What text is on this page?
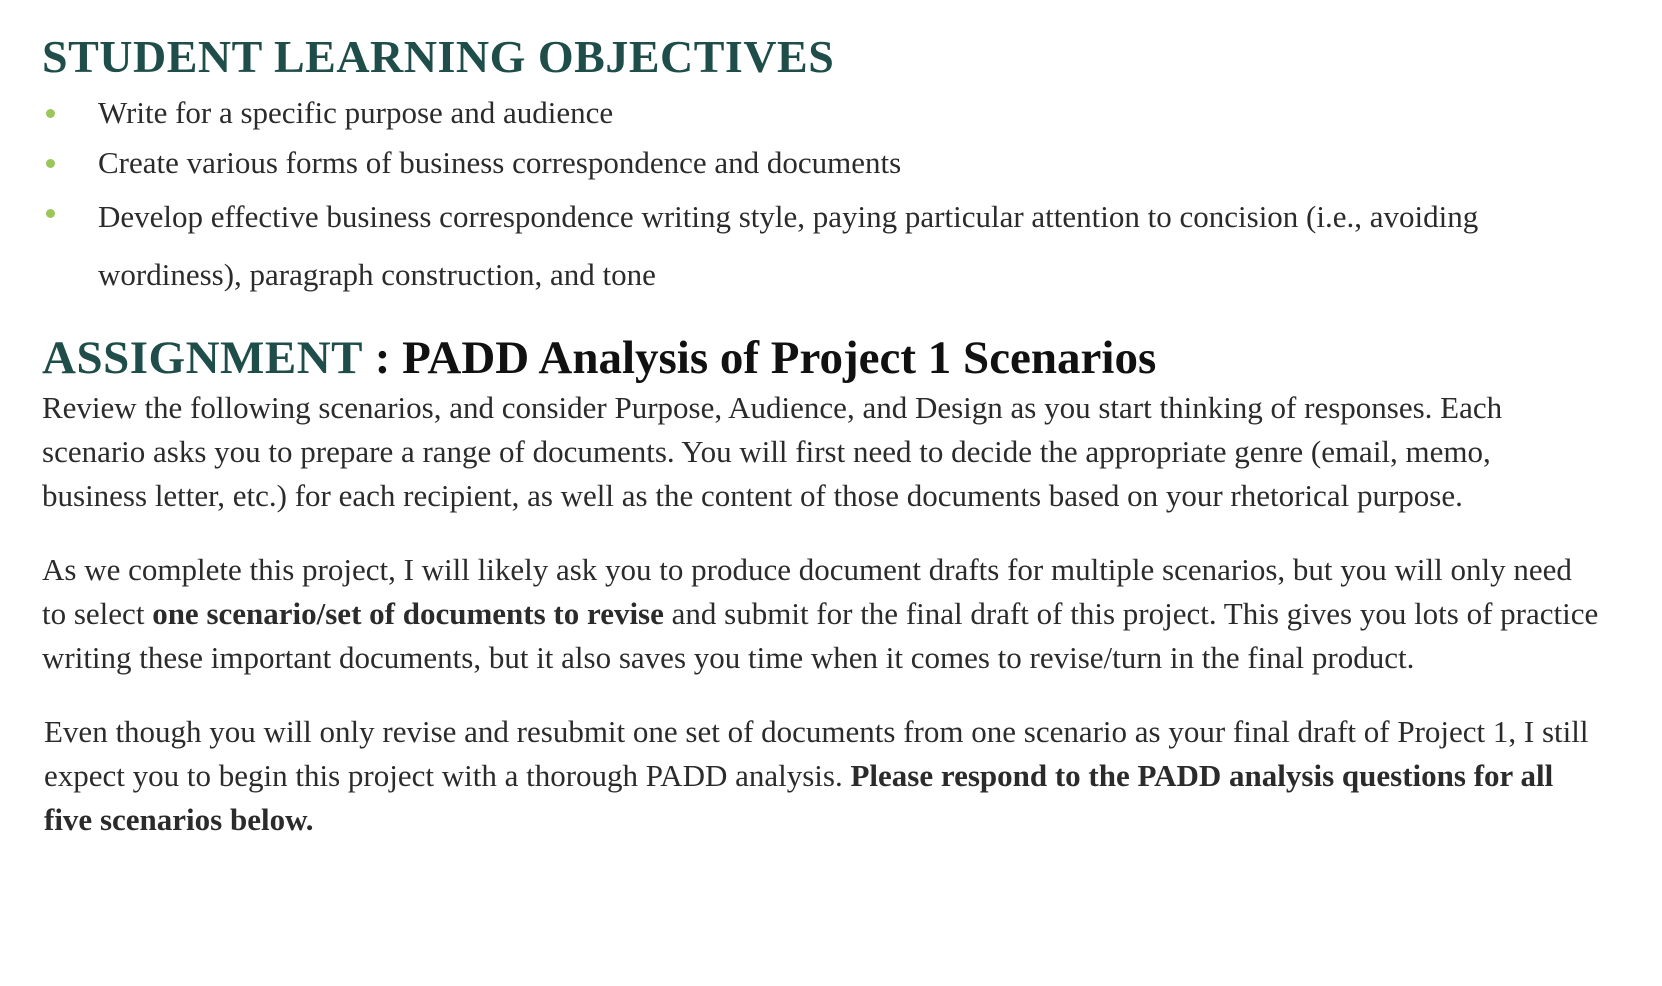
STUDENT LEARNING OBJECTIVES
Write for a specific purpose and audience
Create various forms of business correspondence and documents
Develop effective business correspondence writing style, paying particular attention to concision (i.e., avoiding wordiness), paragraph construction, and tone
ASSIGNMENT : PADD Analysis of Project 1 Scenarios

Review the following scenarios, and consider Purpose, Audience, and Design as you start thinking of responses. Each scenario asks you to prepare a range of documents. You will first need to decide the appropriate genre (email, memo, business letter, etc.) for each recipient, as well as the content of those documents based on your rhetorical purpose.

As we complete this project, I will likely ask you to produce document drafts for multiple scenarios, but you will only need to select one scenario/set of documents to revise and submit for the final draft of this project. This gives you lots of practice writing these important documents, but it also saves you time when it comes to revise/turn in the final product.

Even though you will only revise and resubmit one set of documents from one scenario as your final draft of Project 1, I still expect you to begin this project with a thorough PADD analysis. Please respond to the PADD analysis questions for all five scenarios below.
